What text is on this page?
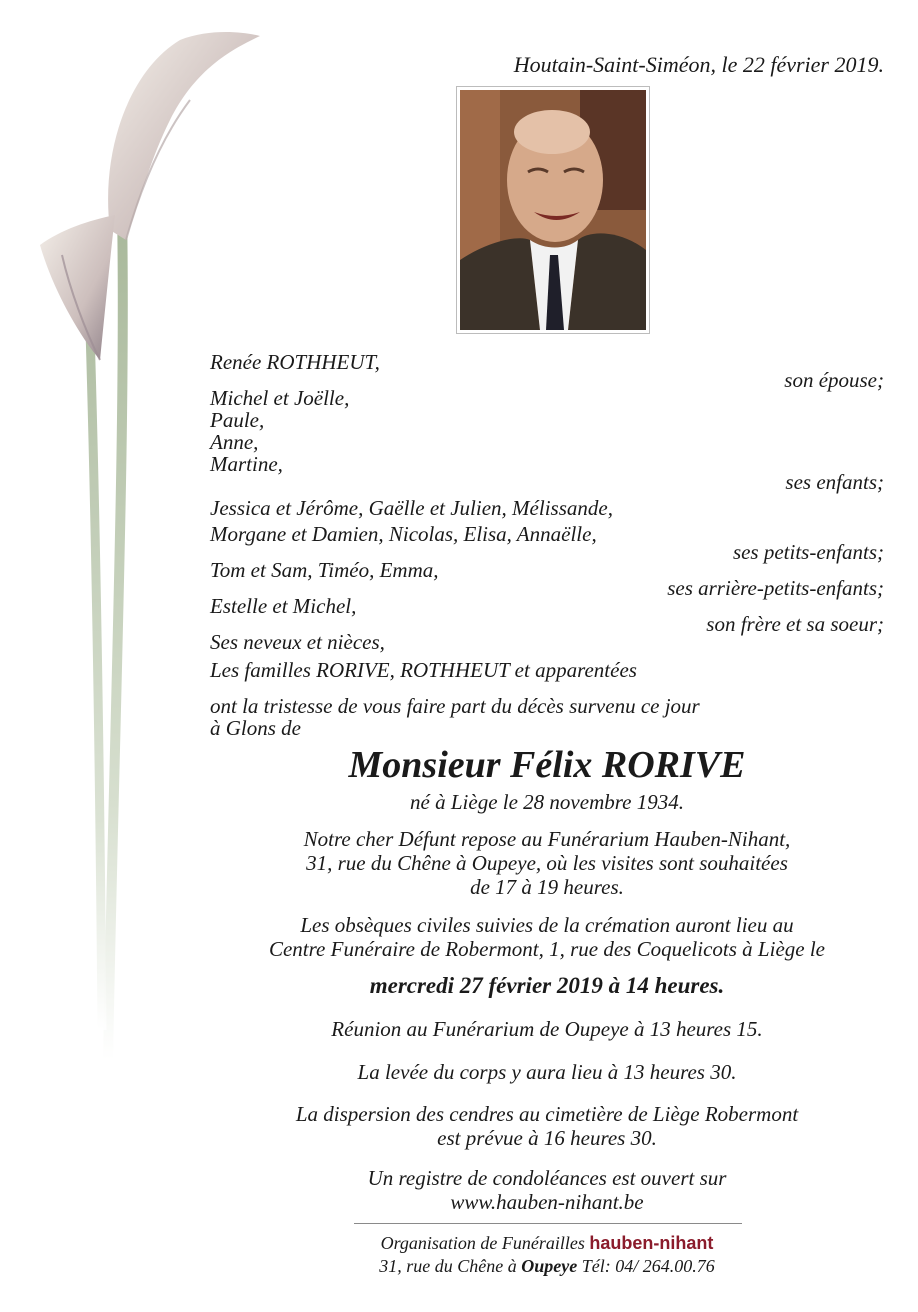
Houtain-Saint-Siméon, le 22 février 2019.
Renée ROTHHEUT,
son épouse;
Michel et Joëlle,
Paule,
Anne,
Martine,
ses enfants;
Jessica et Jérôme, Gaëlle et Julien, Mélissande,
Morgane et Damien, Nicolas, Elisa, Annaëlle,
ses petits-enfants;
Tom et Sam, Timéo, Emma,
ses arrière-petits-enfants;
Estelle et Michel,
son frère et sa soeur;
Ses neveux et nièces,
Les familles RORIVE, ROTHHEUT et apparentées
ont la tristesse de vous faire part du décès survenu ce jour
à Glons de
Monsieur Félix RORIVE
né à Liège le 28 novembre 1934.
Notre cher Défunt repose au Funérarium Hauben-Nihant,
31, rue du Chêne à Oupeye, où les visites sont souhaitées
de 17 à 19 heures.
Les obsèques civiles suivies de la crémation auront lieu au
Centre Funéraire de Robermont, 1, rue des Coquelicots à Liège le
mercredi 27 février 2019 à 14 heures.
Réunion au Funérarium de Oupeye à 13 heures 15.
La levée du corps y aura lieu à 13 heures 30.
La dispersion des cendres au cimetière de Liège Robermont
est prévue à 16 heures 30.
Un registre de condoléances est ouvert sur
www.hauben-nihant.be
Organisation de Funérailles hauben-nihant
31, rue du Chêne à Oupeye Tél: 04/ 264.00.76
